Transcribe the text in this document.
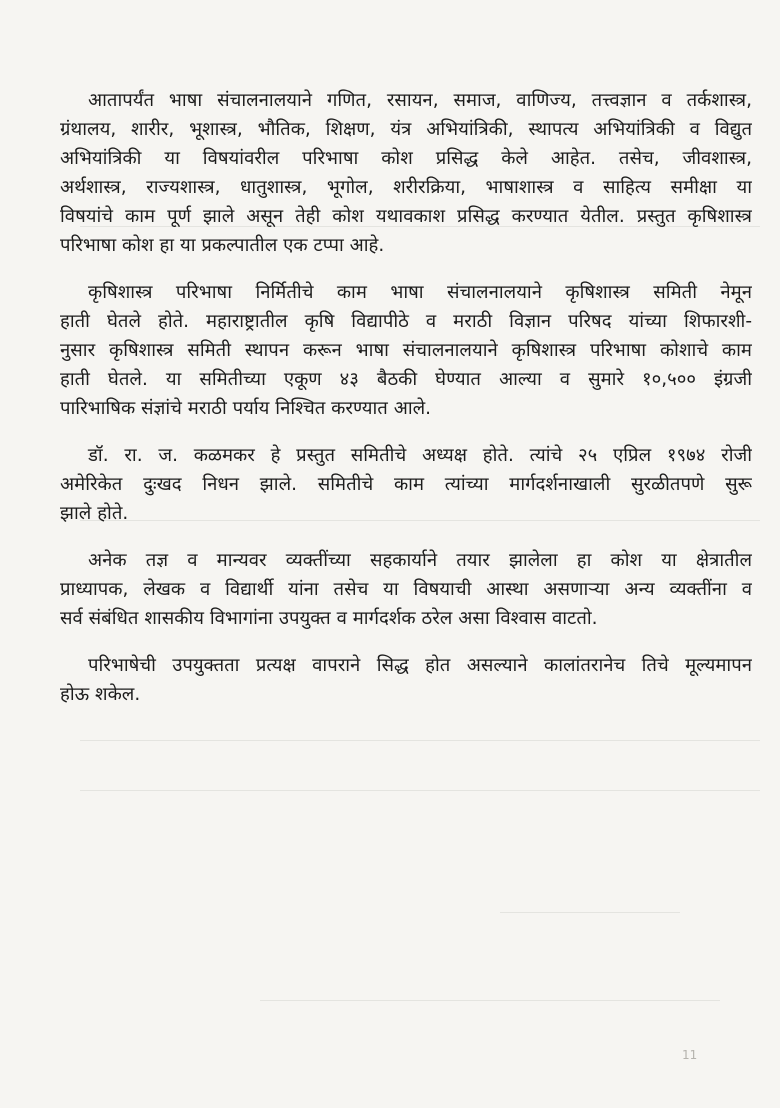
आतापर्यंत भाषा संचालनालयाने गणित, रसायन, समाज, वाणिज्य, तत्त्वज्ञान व तर्कशास्त्र,
ग्रंथालय, शारीर, भूशास्त्र, भौतिक, शिक्षण, यंत्र अभियांत्रिकी, स्थापत्य अभियांत्रिकी व विद्युत
अभियांत्रिकी या विषयांवरील परिभाषा कोश प्रसिद्ध केले आहेत. तसेच, जीवशास्त्र,
अर्थशास्त्र, राज्यशास्त्र, धातुशास्त्र, भूगोल, शरीरक्रिया, भाषाशास्त्र व साहित्य समीक्षा या
विषयांचे काम पूर्ण झाले असून तेही कोश यथावकाश प्रसिद्ध करण्यात येतील. प्रस्तुत कृषिशास्त्र
परिभाषा कोश हा या प्रकल्पातील एक टप्पा आहे.
कृषिशास्त्र परिभाषा निर्मितीचे काम भाषा संचालनालयाने कृषिशास्त्र समिती नेमून
हाती घेतले होते. महाराष्ट्रातील कृषि विद्यापीठे व मराठी विज्ञान परिषद यांच्या शिफारशी-
नुसार कृषिशास्त्र समिती स्थापन करून भाषा संचालनालयाने कृषिशास्त्र परिभाषा कोशाचे काम
हाती घेतले. या समितीच्या एकूण ४३ बैठकी घेण्यात आल्या व सुमारे १०,५०० इंग्रजी
पारिभाषिक संज्ञांचे मराठी पर्याय निश्चित करण्यात आले.
डॉ. रा. ज. कळमकर हे प्रस्तुत समितीचे अध्यक्ष होते. त्यांचे २५ एप्रिल १९७४ रोजी
अमेरिकेत दुःखद निधन झाले. समितीचे काम त्यांच्या मार्गदर्शनाखाली सुरळीतपणे सुरू
झाले होते.
अनेक तज्ञ व मान्यवर व्यक्तींच्या सहकार्याने तयार झालेला हा कोश या क्षेत्रातील
प्राध्यापक, लेखक व विद्यार्थी यांना तसेच या विषयाची आस्था असणाऱ्या अन्य व्यक्तींना व
सर्व संबंधित शासकीय विभागांना उपयुक्त व मार्गदर्शक ठरेल असा विश्वास वाटतो.
परिभाषेची उपयुक्तता प्रत्यक्ष वापराने सिद्ध होत असल्याने कालांतरानेच तिचे मूल्यमापन
होऊ शकेल.
11
